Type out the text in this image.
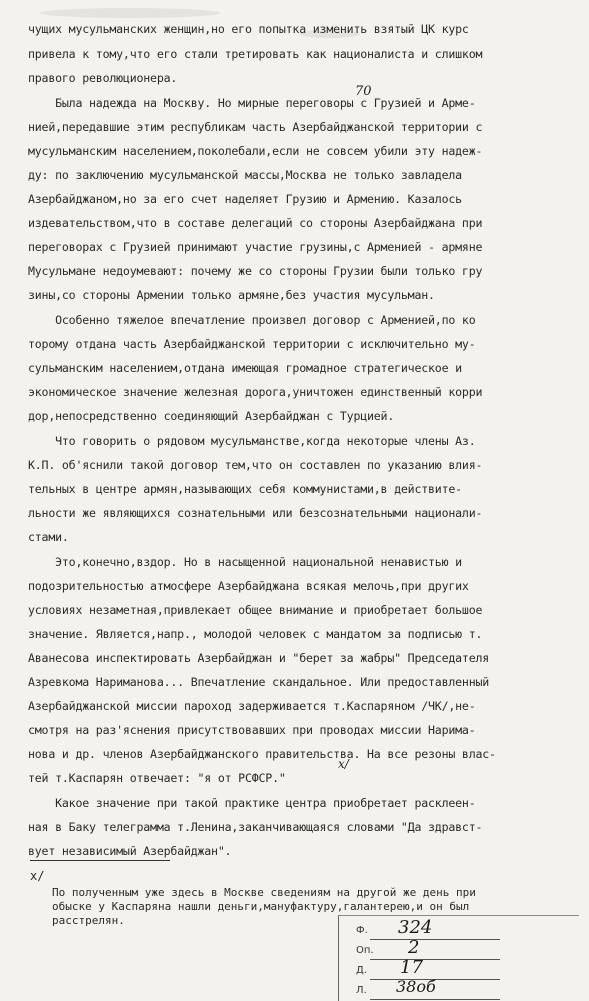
чущих мусульманских женщин,но его попытка изменить взятый ЦК курс
привела к тому,что его стали третировать как националиста и слишком
правого революционера.
Была надежда на Москву. Но мирные переговоры с Грузией и Арме-
нией,передавшие этим республикам часть Азербайджанской территории с
мусульманским населением,поколебали,если не совсем убили эту надеж-
ду: по заключению мусульманской массы,Москва не только завладела
Азербайджаном,но за его счет наделяет Грузию и Армению. Казалось
издевательством,что в составе делегаций со стороны Азербайджана при
переговорах с Грузией принимают участие грузины,с Арменией - армяне
Мусульмане недоумевают: почему же со стороны Грузии были только гру
зины,со стороны Армении только армяне,без участия мусульман.
Особенно тяжелое впечатление произвел договор с Арменией,по ко
торому отдана часть Азербайджанской территории с исключительно му-
сульманским населением,отдана имеющая громадное стратегическое и
экономическое значение железная дорога,уничтожен единственный корри
дор,непосредственно соединяющий Азербайджан с Турцией.
Что говорить о рядовом мусульманстве,когда некоторые члены Аз.
К.П. об'яснили такой договор тем,что он составлен по указанию влия-
тельных в центре армян,называющих себя коммунистами,в действите-
льности же являющихся сознательными или безсознательными национали-
стами.
Это,конечно,вздор. Но в насыщенной национальной ненавистью и
подозрительностью атмосфере Азербайджана всякая мелочь,при других
условиях незаметная,привлекает общее внимание и приобретает большое
значение. Является,напр., молодой человек с мандатом за подписью т.
Аванесова инспектировать Азербайджан и "берет за жабры" Председателя
Азревкома Нариманова... Впечатление скандальное. Или предоставленный
Азербайджанской миссии пароход задерживается т.Каспаряном /ЧК/,не-
смотря на раз'яснения присутствовавших при проводах миссии Нарима-
нова и др. членов Азербайджанского правительства. На все резоны влас-
тей т.Каспарян отвечает: "я от РСФСР."
Какое значение при такой практике центра приобретает расклеен-
ная в Баку телеграмма т.Ленина,заканчивающаяся словами "Да здравст-
вует независимый Азербайджан".
70
x/
x/
По полученным уже здесь в Москве сведениям на другой же день при
обыске у Каспаряна нашли деньги,мануфактуру,галантерею,и он был
расстрелян.
Ф. 324
Оп. 2
Д. 17
Л. 38об
